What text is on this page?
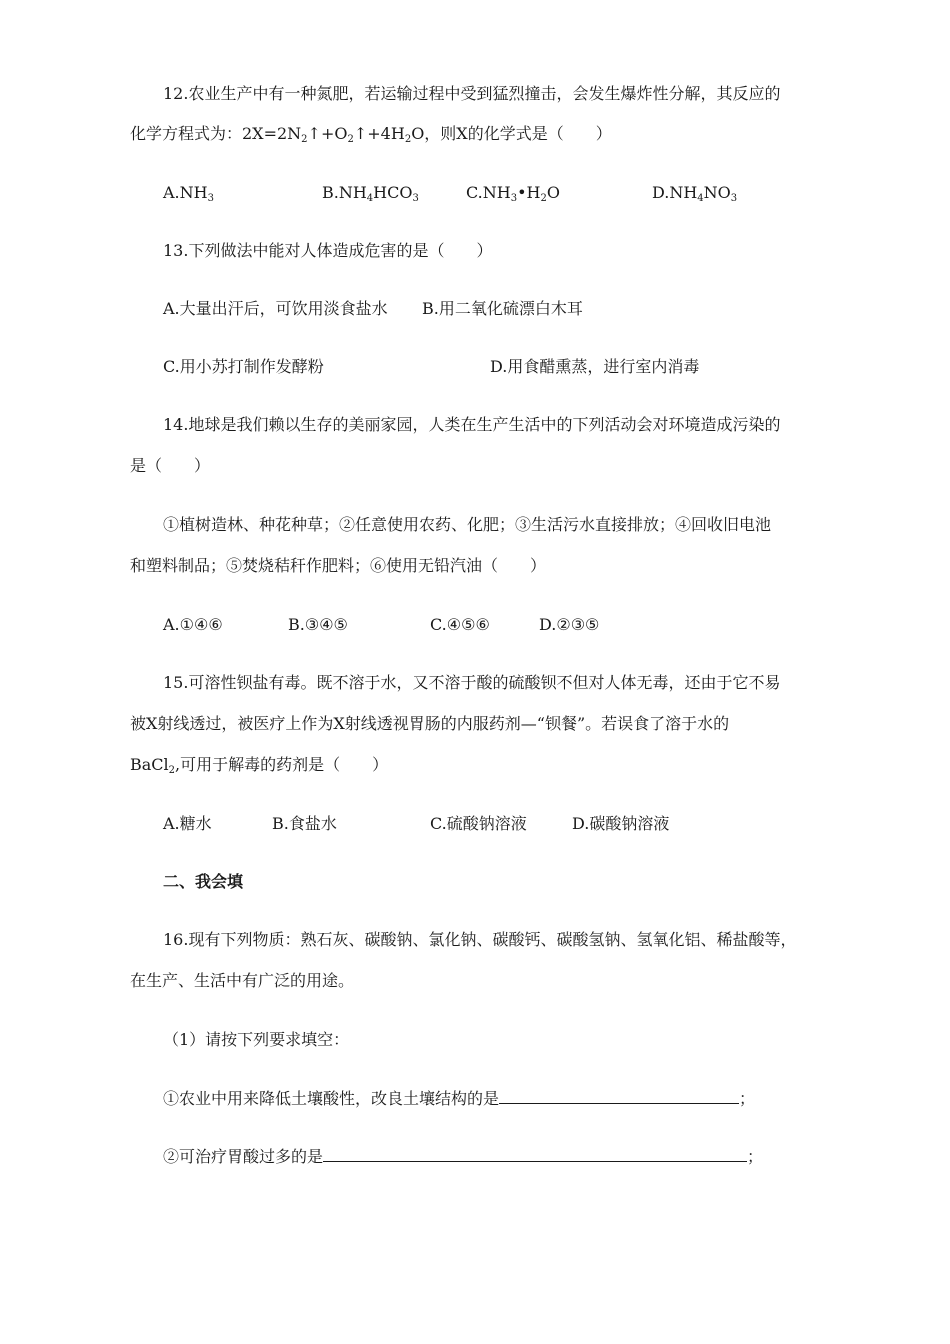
12.农业生产中有一种氮肥，若运输过程中受到猛烈撞击，会发生爆炸性分解，其反应的
化学方程式为：$2X=2N_2↑+O_2↑+4H_2O$，则X的化学式是（　　）
$A.NH_3$	$B.NH_4HCO_3$	$C.NH_3•H_2O$	$D.NH_4NO_3$
13.下列做法中能对人体造成危害的是（　　）
A.大量出汗后，可饮用淡食盐水 B.用二氧化硫漂白木耳
C.用小苏打制作发酵粉	D.用食醋熏蒸，进行室内消毒
14.地球是我们赖以生存的美丽家园，人类在生产生活中的下列活动会对环境造成污染的
是（　　）
①植树造林、种花种草；②任意使用农药、化肥；③生活污水直接排放；④回收旧电池
和塑料制品；⑤焚烧秸秆作肥料；⑥使用无铅汽油（　　）
A.①④⑥	B.③④⑤	C.④⑤⑥	D.②③⑤
15.可溶性钡盐有毒。既不溶于水，又不溶于酸的硫酸钡不但对人体无毒，还由于它不易
被X射线透过，被医疗上作为X射线透视胃肠的内服药剂—“钡餐”。若误食了溶于水的
BaCl$_2$,可用于解毒的药剂是（　　）
A.糖水	B.食盐水	C.硫酸钠溶液	D.碳酸钠溶液
二、我会填
16.现有下列物质：熟石灰、碳酸钠、氯化钠、碳酸钙、碳酸氢钠、氢氧化铝、稀盐酸等，
在生产、生活中有广泛的用途。
（1）请按下列要求填空：
①农业中用来降低土壤酸性，改良土壤结构的是	；
②可治疗胃酸过多的是	；
